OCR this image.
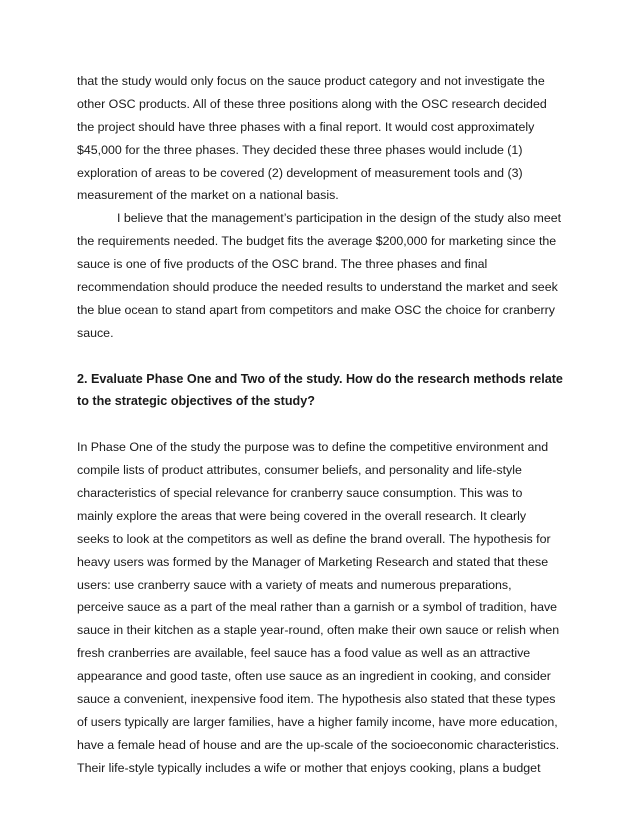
that the study would only focus on the sauce product category and not investigate the
other OSC products. All of these three positions along with the OSC research decided
the project should have three phases with a final report. It would cost approximately
$45,000 for the three phases. They decided these three phases would include (1)
exploration of areas to be covered (2) development of measurement tools and (3)
measurement of the market on a national basis.
I believe that the management’s participation in the design of the study also meet
the requirements needed. The budget fits the average $200,000 for marketing since the
sauce is one of five products of the OSC brand. The three phases and final
recommendation should produce the needed results to understand the market and seek
the blue ocean to stand apart from competitors and make OSC the choice for cranberry
sauce.
2. Evaluate Phase One and Two of the study. How do the research methods relate
to the strategic objectives of the study?
In Phase One of the study the purpose was to define the competitive environment and
compile lists of product attributes, consumer beliefs, and personality and life-style
characteristics of special relevance for cranberry sauce consumption. This was to
mainly explore the areas that were being covered in the overall research. It clearly
seeks to look at the competitors as well as define the brand overall. The hypothesis for
heavy users was formed by the Manager of Marketing Research and stated that these
users: use cranberry sauce with a variety of meats and numerous preparations,
perceive sauce as a part of the meal rather than a garnish or a symbol of tradition, have
sauce in their kitchen as a staple year-round, often make their own sauce or relish when
fresh cranberries are available, feel sauce has a food value as well as an attractive
appearance and good taste, often use sauce as an ingredient in cooking, and consider
sauce a convenient, inexpensive food item. The hypothesis also stated that these types
of users typically are larger families, have a higher family income, have more education,
have a female head of house and are the up-scale of the socioeconomic characteristics.
Their life-style typically includes a wife or mother that enjoys cooking, plans a budget
